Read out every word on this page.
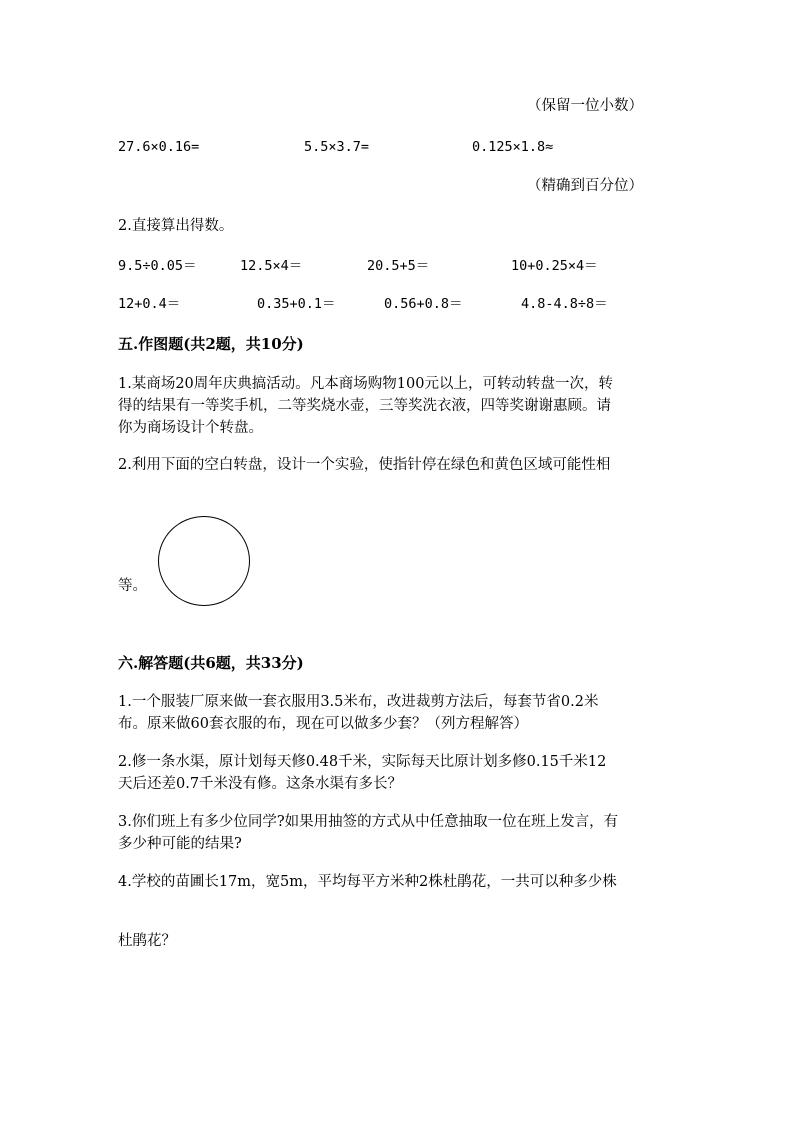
（保留一位小数）
27.6×0.16=	5.5×3.7=	0.125×1.8≈
（精确到百分位）
2.直接算出得数。
9.5÷0.05＝	12.5×4＝	20.5+5＝	10+0.25×4＝
12+0.4＝	0.35+0.1＝	0.56+0.8＝	4.8-4.8÷8＝
五.作图题(共2题，共10分)
1.某商场20周年庆典搞活动。凡本商场购物100元以上，可转动转盘一次，转
得的结果有一等奖手机，二等奖烧水壶，三等奖洗衣液，四等奖谢谢惠顾。请
你为商场设计个转盘。
2.利用下面的空白转盘，设计一个实验，使指针停在绿色和黄色区域可能性相
等。
六.解答题(共6题，共33分)
1.一个服装厂原来做一套衣服用3.5米布，改进裁剪方法后，每套节省0.2米
布。原来做60套衣服的布，现在可以做多少套？（列方程解答）
2.修一条水渠，原计划每天修0.48千米，实际每天比原计划多修0.15千米12
天后还差0.7千米没有修。这条水渠有多长？
3.你们班上有多少位同学?如果用抽签的方式从中任意抽取一位在班上发言，有
多少种可能的结果?
4.学校的苗圃长17m，宽5m，平均每平方米种2株杜鹃花，一共可以种多少株
杜鹃花？
